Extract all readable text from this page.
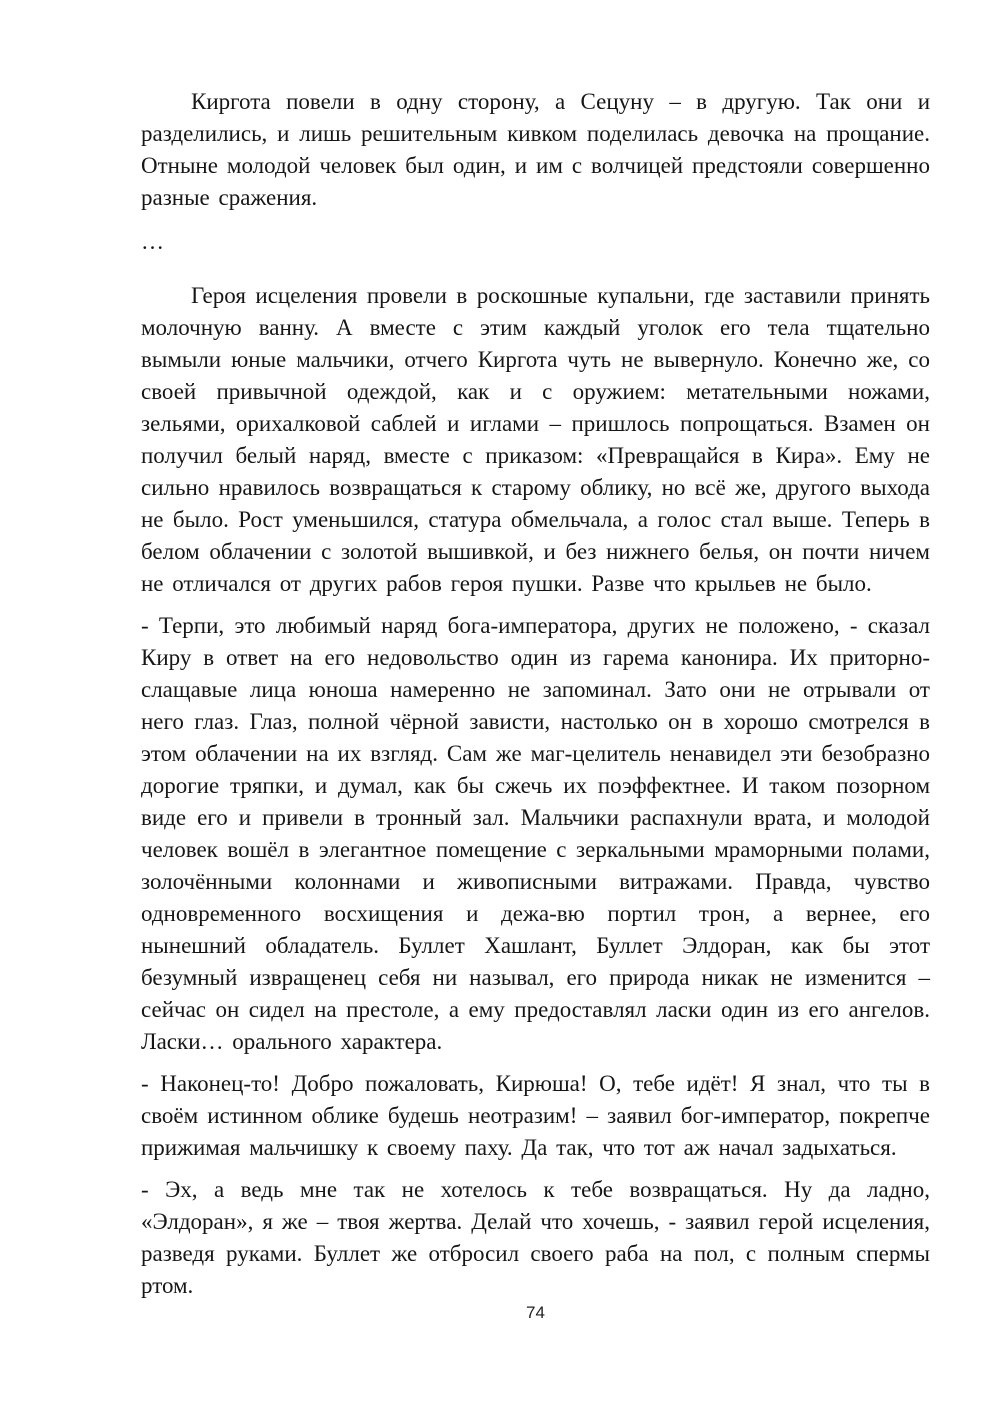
Киргота повели в одну сторону, а Сецуну – в другую. Так они и разделились, и лишь решительным кивком поделилась девочка на прощание. Отныне молодой человек был один, и им с волчицей предстояли совершенно разные сражения.

…

Героя исцеления провели в роскошные купальни, где заставили принять молочную ванну. А вместе с этим каждый уголок его тела тщательно вымыли юные мальчики, отчего Киргота чуть не вывернуло. Конечно же, со своей привычной одеждой, как и с оружием: метательными ножами, зельями, орихалковой саблей и иглами – пришлось попрощаться. Взамен он получил белый наряд, вместе с приказом: «Превращайся в Кира». Ему не сильно нравилось возвращаться к старому облику, но всё же, другого выхода не было. Рост уменьшился, статура обмельчала, а голос стал выше. Теперь в белом облачении с золотой вышивкой, и без нижнего белья, он почти ничем не отличался от других рабов героя пушки. Разве что крыльев не было.

- Терпи, это любимый наряд бога-императора, других не положено, - сказал Киру в ответ на его недовольство один из гарема канонира. Их приторно-слащавые лица юноша намеренно не запоминал. Зато они не отрывали от него глаз. Глаз, полной чёрной зависти, настолько он в хорошо смотрелся в этом облачении на их взгляд. Сам же маг-целитель ненавидел эти безобразно дорогие тряпки, и думал, как бы сжечь их поэффектнее. И таком позорном виде его и привели в тронный зал. Мальчики распахнули врата, и молодой человек вошёл в элегантное помещение с зеркальными мраморными полами, золочёнными колоннами и живописными витражами. Правда, чувство одновременного восхищения и дежа-вю портил трон, а вернее, его нынешний обладатель. Буллет Хашлант, Буллет Элдоран, как бы этот безумный извращенец себя ни называл, его природа никак не изменится – сейчас он сидел на престоле, а ему предоставлял ласки один из его ангелов. Ласки… орального характера.

- Наконец-то! Добро пожаловать, Кирюша! О, тебе идёт! Я знал, что ты в своём истинном облике будешь неотразим! – заявил бог-император, покрепче прижимая мальчишку к своему паху. Да так, что тот аж начал задыхаться.

- Эх, а ведь мне так не хотелось к тебе возвращаться. Ну да ладно, «Элдоран», я же – твоя жертва. Делай что хочешь, - заявил герой исцеления, разведя руками. Буллет же отбросил своего раба на пол, с полным спермы ртом.

74
